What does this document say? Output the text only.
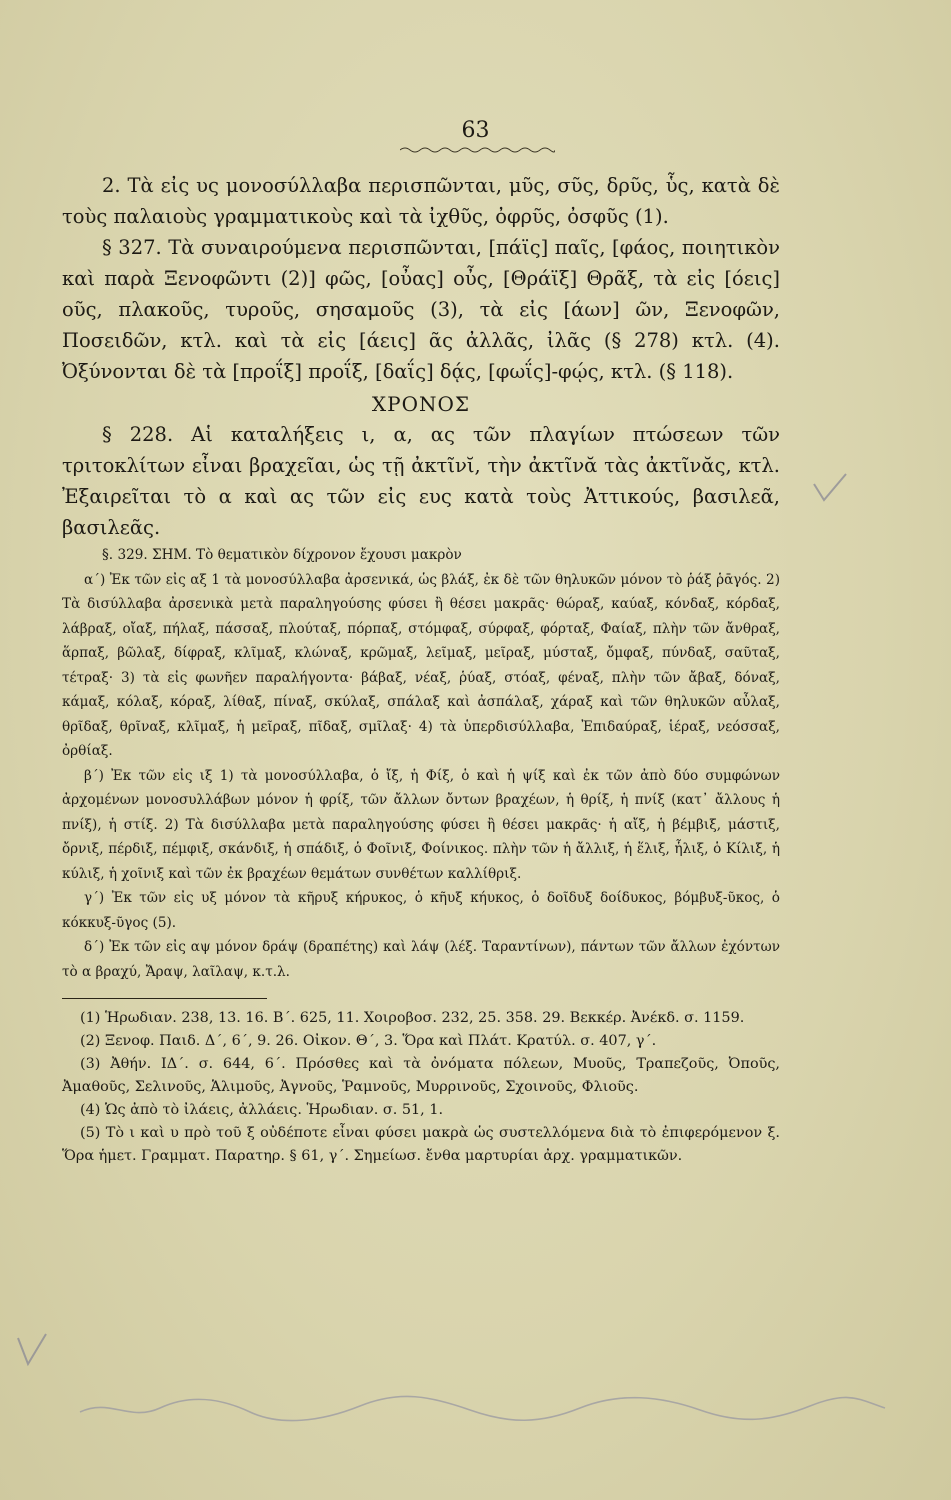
63

2. Τὰ εἰς υς μονοσύλλαβα περισπῶνται, μῦς, σῦς, δρῦς, ὗς, κατὰ δὲ τοὺς παλαιοὺς γραμματικοὺς καὶ τὰ ἰχθῦς, ὀφρῦς, ὀσφῦς (1).

§ 327. Τὰ συναιρούμενα περισπῶνται, [πάϊς] παῖς, [φάος, ποιητικὸν καὶ παρὰ Ξενοφῶντι (2)] φῶς, [οὖας] οὖς, [Θράϊξ] Θρᾶξ, τὰ εἰς [όεις] οῦς, πλακοῦς, τυροῦς, σησαμοῦς (3), τὰ εἰς [άων] ῶν, Ξενοφῶν, Ποσειδῶν, κτλ. καὶ τὰ εἰς [άεις] ᾶς ἀλλᾶς, ἰλᾶς (§ 278) κτλ. (4). Ὀξύνονται δὲ τὰ [προΐξ] προΐξ, [δαΐς] δᾴς, [φωΐς]-φῴς, κτλ. (§ 118).

ΧΡΟΝΟΣ

§ 228. Αἱ καταλήξεις ι, α, ας τῶν πλαγίων πτώσεων τῶν τριτοκλίτων εἶναι βραχεῖαι, ὡς τῇ ἀκτῖνῐ, τὴν ἀκτῖνᾰ τὰς ἀκτῖνᾰς, κτλ. Ἐξαιρεῖται τὸ α καὶ ας τῶν εἰς ευς κατὰ τοὺς Ἀττικούς, βασιλεᾶ, βασιλεᾶς.

§. 329. ΣΗΜ. Τὸ θεματικὸν δίχρονον ἔχουσι μακρὸν

α΄) Ἐκ τῶν εἰς αξ 1 τὰ μονοσύλλαβα ἀρσενικά, ὡς βλάξ, ἐκ δὲ τῶν θηλυκῶν μόνον τὸ ῥάξ ῥᾱγός. 2) Τὰ δισύλλαβα ἀρσενικὰ μετὰ παραληγούσης φύσει ἢ θέσει μακρᾶς· θώραξ, καύαξ, κόνδαξ, κόρδαξ, λάβραξ, οἴαξ, πήλαξ, πάσσαξ, πλούταξ, πόρπαξ, στόμφαξ, σύρφαξ, φόρταξ, Φαίαξ, πλὴν τῶν ἄνθραξ, ἅρπαξ, βῶλαξ, δίφραξ, κλῖμαξ, κλώναξ, κρῶμαξ, λεῖμαξ, μεῖραξ, μύσταξ, ὄμφαξ, πύνδαξ, σαῦταξ, τέτραξ· 3) τὰ εἰς φωνῆεν παραλήγοντα· βάβαξ, νέαξ, ῥύαξ, στόαξ, φέναξ, πλὴν τῶν ἄβαξ, δόναξ, κάμαξ, κόλαξ, κόραξ, λίθαξ, πίναξ, σκύλαξ, σπάλαξ καὶ ἀσπάλαξ, χάραξ καὶ τῶν θηλυκῶν αὖλαξ, θρῖδαξ, θρῖναξ, κλῖμαξ, ἡ μεῖραξ, πῖδαξ, σμῖλαξ· 4) τὰ ὑπερδισύλλαβα, Ἐπιδαύραξ, ἱέραξ, νεόσσαξ, ὀρθίαξ.

β΄) Ἐκ τῶν εἰς ιξ 1) τὰ μονοσύλλαβα, ὁ ἴξ, ἡ Φίξ, ὁ καὶ ἡ ψίξ καὶ ἐκ τῶν ἀπὸ δύο συμφώνων ἀρχομένων μονοσυλλάβων μόνον ἡ φρίξ, τῶν ἄλλων ὄντων βραχέων, ἡ θρίξ, ἡ πνίξ (κατ᾽ ἄλλους ἡ πνίξ), ἡ στίξ. 2) Τὰ δισύλλαβα μετὰ παραληγούσης φύσει ἢ θέσει μακρᾶς· ἡ αἴξ, ἡ βέμβιξ, μάστιξ, ὄρνιξ, πέρδιξ, πέμφιξ, σκάνδιξ, ἡ σπάδιξ, ὁ Φοῖνιξ, Φοίνικος. πλὴν τῶν ἡ ἄλλιξ, ἡ ἕλιξ, ἧλιξ, ὁ Κίλιξ, ἡ κύλιξ, ἡ χοῖνιξ καὶ τῶν ἐκ βραχέων θεμάτων συνθέτων καλλίθριξ.

γ΄) Ἐκ τῶν εἰς υξ μόνον τὰ κῆρυξ κήρυκος, ὁ κῆυξ κήυκος, ὁ δοῖδυξ δοίδυκος, βόμβυξ-ῦκος, ὁ κόκκυξ-ῦγος (5).

δ΄) Ἐκ τῶν εἰς αψ μόνον δράψ (δραπέτης) καὶ λάψ (λέξ. Ταραντίνων), πάντων τῶν ἄλλων ἐχόντων τὸ α βραχύ, Ἄραψ, λαῖλαψ, κ.τ.λ.

(1) Ἡρωδιαν. 238, 13. 16. Β΄. 625, 11. Χοιροβοσ. 232, 25. 358. 29. Βεκκέρ. Ἀνέκδ. σ. 1159.

(2) Ξενοφ. Παιδ. Δ΄, 6΄, 9. 26. Οἰκον. Θ΄, 3. Ὅρα καὶ Πλάτ. Κρατύλ. σ. 407, γ΄.

(3) Ἀθήν. ΙΔ΄. σ. 644, 6΄. Πρόσθες καὶ τὰ ὀνόματα πόλεων, Μυοῦς, Τραπεζοῦς, Ὀποῦς, Ἀμαθοῦς, Σελινοῦς, Ἁλιμοῦς, Ἀγνοῦς, Ῥαμνοῦς, Μυρρινοῦς, Σχοινοῦς, Φλιοῦς.

(4) Ὡς ἀπὸ τὸ ἰλάεις, ἀλλάεις. Ἡρωδιαν. σ. 51, 1.

(5) Τὸ ι καὶ υ πρὸ τοῦ ξ οὐδέποτε εἶναι φύσει μακρὰ ὡς συστελλόμενα διὰ τὸ ἐπιφερόμενον ξ. Ὅρα ἡμετ. Γραμματ. Παρατηρ. § 61, γ΄. Σημείωσ. ἔνθα μαρτυρίαι ἀρχ. γραμματικῶν.
